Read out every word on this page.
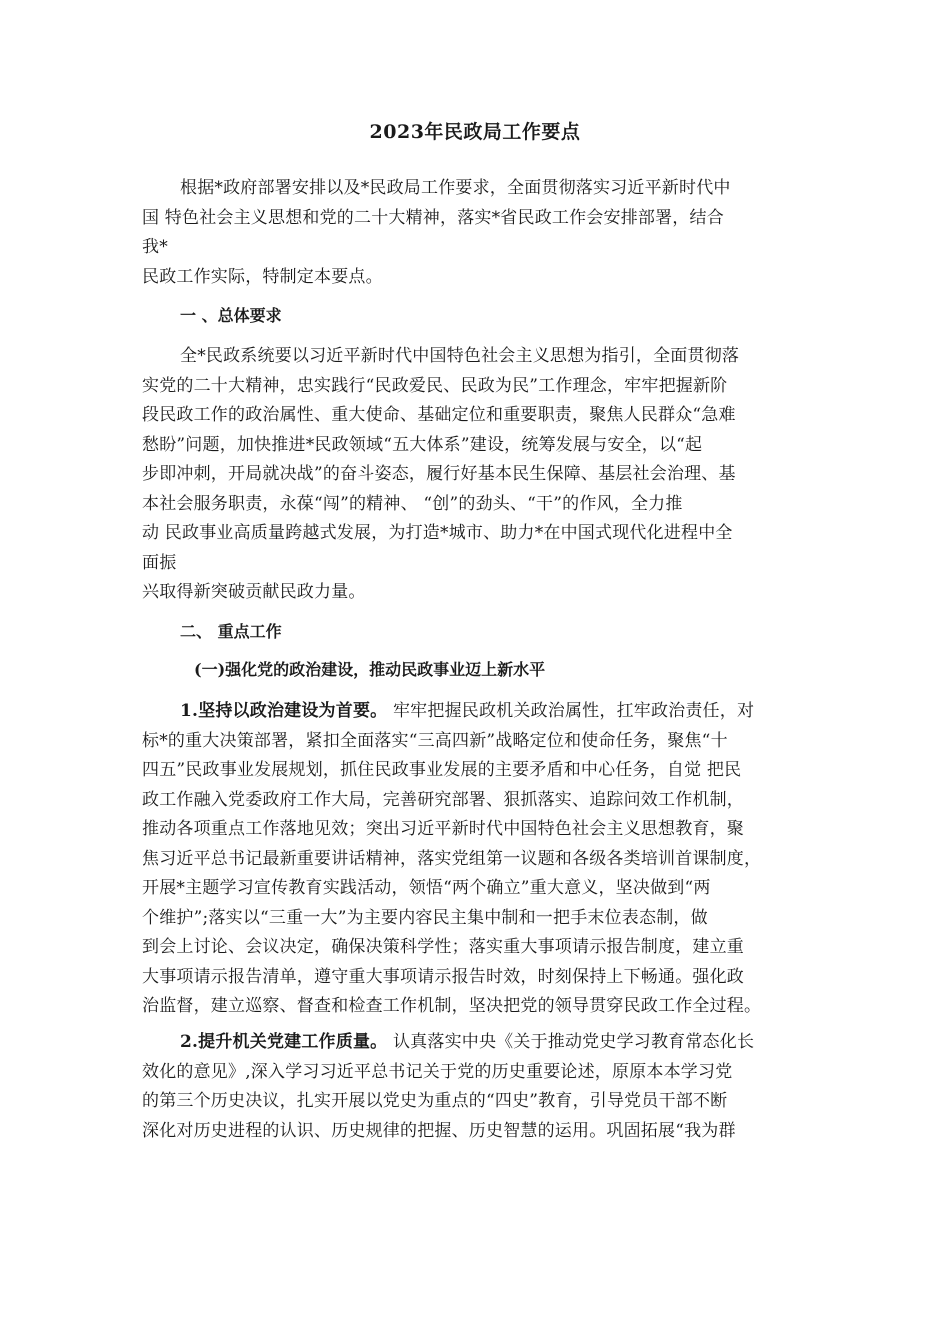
2023年民政局工作要点
根据*政府部署安排以及*民政局工作要求，全面贯彻落实习近平新时代中
国 特色社会主义思想和党的二十大精神，落实*省民政工作会安排部署，结合
我*
民政工作实际，特制定本要点。
一 、总体要求
全*民政系统要以习近平新时代中国特色社会主义思想为指引，全面贯彻落
实党的二十大精神，忠实践行“民政爱民、民政为民”工作理念，牢牢把握新阶
段民政工作的政治属性、重大使命、基础定位和重要职责，聚焦人民群众“急难
愁盼”问题，加快推进*民政领域“五大体系”建设，统筹发展与安全，以“起
步即冲刺，开局就决战”的奋斗姿态，履行好基本民生保障、基层社会治理、基
本社会服务职责，永葆“闯”的精神、 “创”的劲头、“干”的作风，全力推
动 民政事业高质量跨越式发展，为打造*城市、助力*在中国式现代化进程中全
面振
兴取得新突破贡献民政力量。
二、 重点工作
(一)强化党的政治建设，推动民政事业迈上新水平
1.坚持以政治建设为首要。 牢牢把握民政机关政治属性，扛牢政治责任，对
标*的重大决策部署，紧扣全面落实“三高四新”战略定位和使命任务，聚焦“十
四五”民政事业发展规划，抓住民政事业发展的主要矛盾和中心任务，自觉 把民
政工作融入党委政府工作大局，完善研究部署、狠抓落实、追踪问效工作机制，
推动各项重点工作落地见效；突出习近平新时代中国特色社会主义思想教育，聚
焦习近平总书记最新重要讲话精神，落实党组第一议题和各级各类培训首课制度，
开展*主题学习宣传教育实践活动，领悟“两个确立”重大意义，坚决做到“两
个维护”;落实以“三重一大”为主要内容民主集中制和一把手末位表态制，做
到会上讨论、会议决定，确保决策科学性；落实重大事项请示报告制度，建立重
大事项请示报告清单，遵守重大事项请示报告时效，时刻保持上下畅通。强化政
治监督，建立巡察、督查和检查工作机制，坚决把党的领导贯穿民政工作全过程。
2.提升机关党建工作质量。 认真落实中央《关于推动党史学习教育常态化长
效化的意见》,深入学习习近平总书记关于党的历史重要论述，原原本本学习党
的第三个历史决议，扎实开展以党史为重点的“四史”教育，引导党员干部不断
深化对历史进程的认识、历史规律的把握、历史智慧的运用。巩固拓展“我为群
